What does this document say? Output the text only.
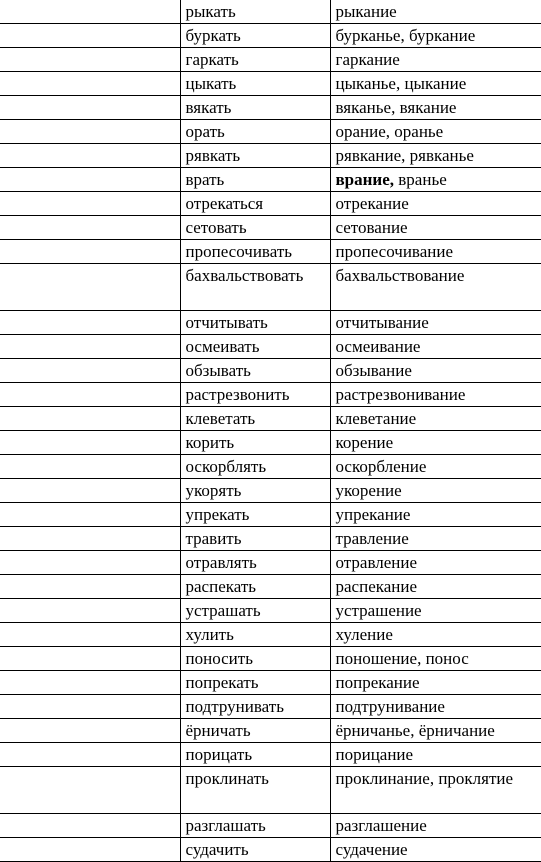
	рыкать	рыкание
	буркать	бурканье, буркание
	гаркать	гаркание
	цыкать	цыканье, цыкание
	вякать	вяканье, вякание
	орать	орание, оранье
	рявкать	рявкание, рявканье
	врать	врание, вранье
	отрекаться	отрекание
	сетовать	сетование
	пропесочивать	пропесочивание
	бахвальствовать	бахвальствование
	отчитывать	отчитывание
	осмеивать	осмеивание
	обзывать	обзывание
	растрезвонить	растрезвонивание
	клеветать	клеветание
	корить	корение
	оскорблять	оскорбление
	укорять	укорение
	упрекать	упрекание
	травить	травление
	отравлять	отравление
	распекать	распекание
	устрашать	устрашение
	хулить	хуление
	поносить	поношение, понос
	попрекать	попрекание
	подтрунивать	подтрунивание
	ёрничать	ёрничанье, ёрничание
	порицать	порицание
	проклинать	проклинание, проклятие
	разглашать	разглашение
	судачить	судачение
